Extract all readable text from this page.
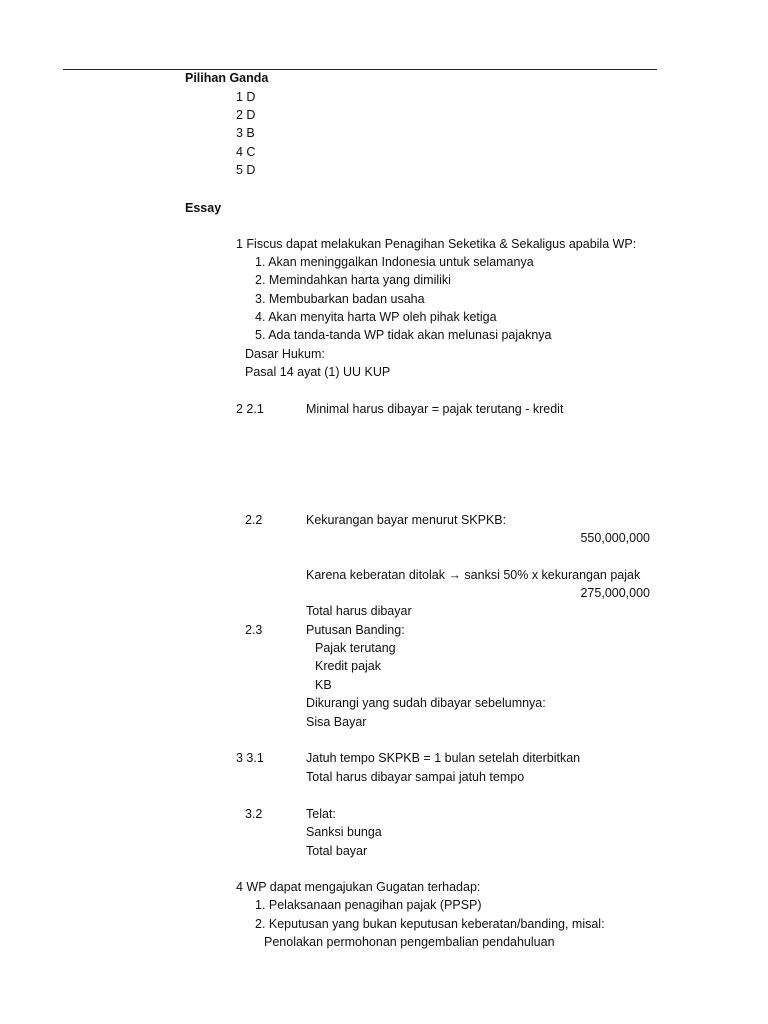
Pilihan Ganda
1 D
2 D
3 B
4 C
5 D
Essay
1 Fiscus dapat melakukan Penagihan Seketika & Sekaligus apabila WP:
1. Akan meninggalkan Indonesia untuk selamanya
2. Memindahkan harta yang dimiliki
3. Membubarkan badan usaha
4. Akan menyita harta WP oleh pihak ketiga
5. Ada tanda-tanda WP tidak akan melunasi pajaknya
Dasar Hukum:
Pasal 14 ayat (1) UU KUP
2 2.1	Minimal harus dibayar = pajak terutang - kredit
2.2	Kekurangan bayar menurut SKPKB:
550,000,000
Karena keberatan ditolak → sanksi 50% x kekurangan pajak
275,000,000
Total harus dibayar
2.3	Putusan Banding:
Pajak terutang
Kredit pajak
KB
Dikurangi yang sudah dibayar sebelumnya:
Sisa Bayar
3 3.1	Jatuh tempo SKPKB = 1 bulan setelah diterbitkan
Total harus dibayar sampai jatuh tempo
3.2	Telat:
Sanksi bunga
Total bayar
4 WP dapat mengajukan Gugatan terhadap:
1. Pelaksanaan penagihan pajak (PPSP)
2. Keputusan yang bukan keputusan keberatan/banding, misal:
Penolakan permohonan pengembalian pendahuluan
